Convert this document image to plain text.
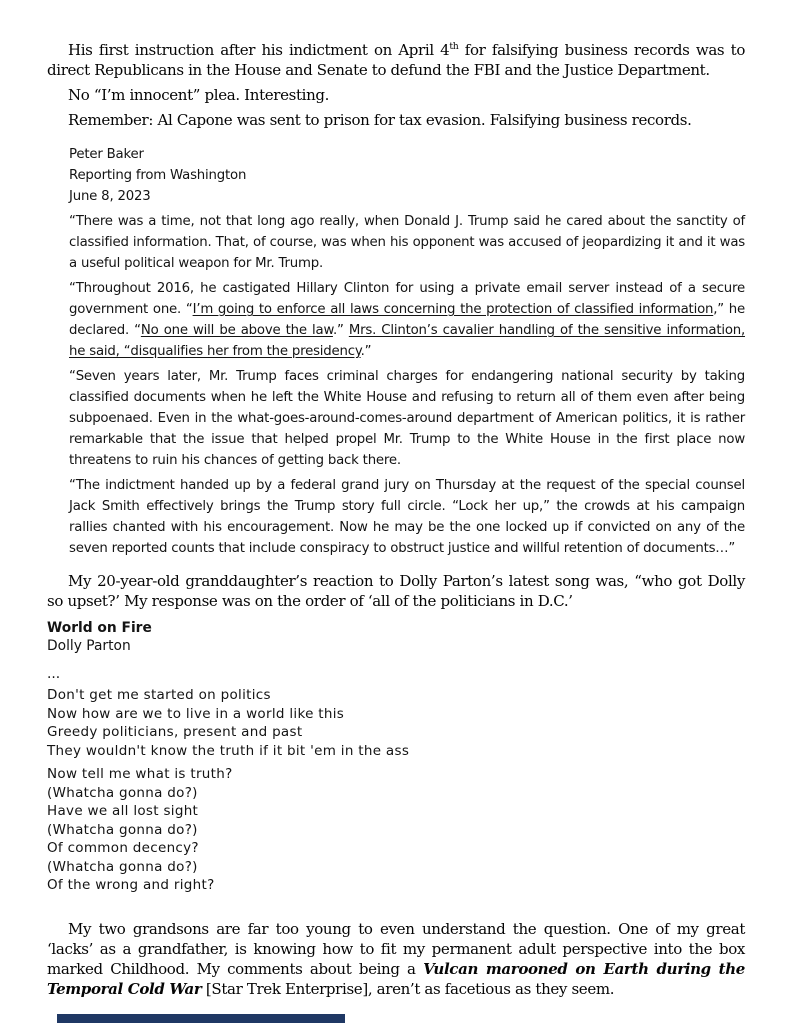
His first instruction after his indictment on April 4th for falsifying business records was to direct Republicans in the House and Senate to defund the FBI and the Justice Department.

No “I’m innocent” plea. Interesting.

Remember: Al Capone was sent to prison for tax evasion. Falsifying business records.

Peter Baker
Reporting from Washington
June 8, 2023

“There was a time, not that long ago really, when Donald J. Trump said he cared about the sanctity of classified information. That, of course, was when his opponent was accused of jeopardizing it and it was a useful political weapon for Mr. Trump.

“Throughout 2016, he castigated Hillary Clinton for using a private email server instead of a secure government one. “I’m going to enforce all laws concerning the protection of classified information,” he declared. “No one will be above the law.” Mrs. Clinton’s cavalier handling of the sensitive information, he said, “disqualifies her from the presidency.”

“Seven years later, Mr. Trump faces criminal charges for endangering national security by taking classified documents when he left the White House and refusing to return all of them even after being subpoenaed. Even in the what-goes-around-comes-around department of American politics, it is rather remarkable that the issue that helped propel Mr. Trump to the White House in the first place now threatens to ruin his chances of getting back there.

“The indictment handed up by a federal grand jury on Thursday at the request of the special counsel Jack Smith effectively brings the Trump story full circle. “Lock her up,” the crowds at his campaign rallies chanted with his encouragement. Now he may be the one locked up if convicted on any of the seven reported counts that include conspiracy to obstruct justice and willful retention of documents…”

My 20-year-old granddaughter’s reaction to Dolly Parton’s latest song was, “who got Dolly so upset?’ My response was on the order of ‘all of the politicians in D.C.’

World on Fire
Dolly Parton
...
Don't get me started on politics
Now how are we to live in a world like this
Greedy politicians, present and past
They wouldn't know the truth if it bit 'em in the ass
Now tell me what is truth?
(Whatcha gonna do?)
Have we all lost sight
(Whatcha gonna do?)
Of common decency?
(Whatcha gonna do?)
Of the wrong and right?

My two grandsons are far too young to even understand the question. One of my great ‘lacks’ as a grandfather, is knowing how to fit my permanent adult perspective into the box marked Childhood. My comments about being a Vulcan marooned on Earth during the Temporal Cold War [Star Trek Enterprise], aren’t as facetious as they seem.
